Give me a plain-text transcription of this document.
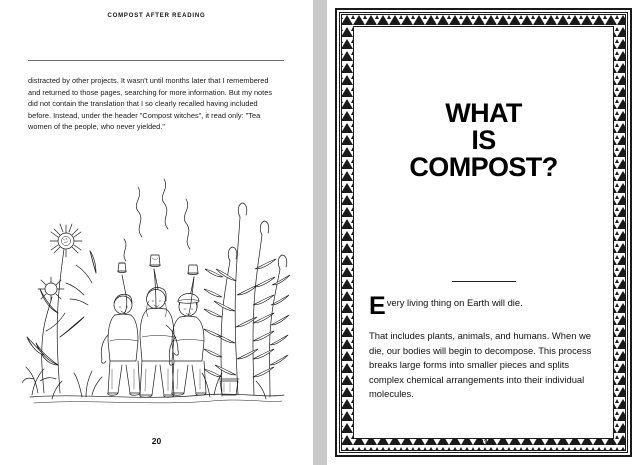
COMPOST AFTER READING
distracted by other projects. It wasn't until months later that I remembered and returned to those pages, searching for more information. But my notes did not contain the translation that I so clearly recalled having included before. Instead, under the header "Compost witches", it read only: "Tea women of the people, who never yielded."
20
WHAT
IS
COMPOST?
E very living thing on Earth will die.

That includes plants, animals, and humans. When we die, our bodies will begin to decompose. This process breaks large forms into smaller pieces and splits complex chemical arrangements into their individual molecules.

21
